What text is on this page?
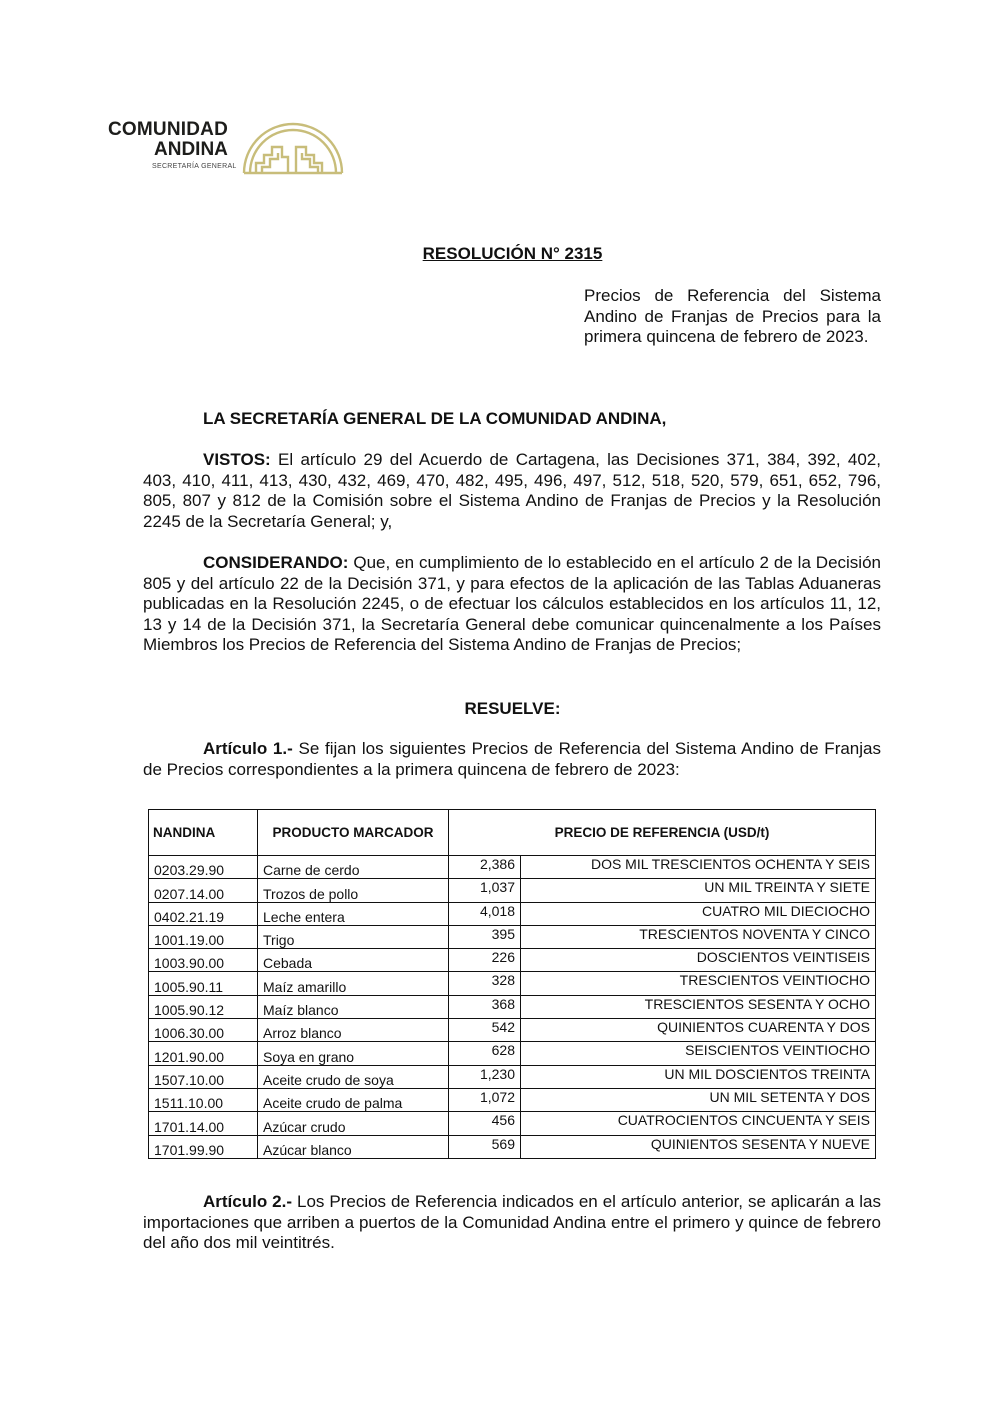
COMUNIDAD
ANDINA
SECRETARÍA GENERAL
RESOLUCIÓN N° 2315
Precios de Referencia del Sistema Andino de Franjas de Precios para la primera quincena de febrero de 2023.
LA SECRETARÍA GENERAL DE LA COMUNIDAD ANDINA,
VISTOS: El artículo 29 del Acuerdo de Cartagena, las Decisiones 371, 384, 392, 402, 403, 410, 411, 413, 430, 432, 469, 470, 482, 495, 496, 497, 512, 518, 520, 579, 651, 652, 796, 805, 807 y 812 de la Comisión sobre el Sistema Andino de Franjas de Precios y la Resolución 2245 de la Secretaría General; y,
CONSIDERANDO: Que, en cumplimiento de lo establecido en el artículo 2 de la Decisión 805 y del artículo 22 de la Decisión 371, y para efectos de la aplicación de las Tablas Aduaneras publicadas en la Resolución 2245, o de efectuar los cálculos establecidos en los artículos 11, 12, 13 y 14 de la Decisión 371, la Secretaría General debe comunicar quincenalmente a los Países Miembros los Precios de Referencia del Sistema Andino de Franjas de Precios;
RESUELVE:
Artículo 1.- Se fijan los siguientes Precios de Referencia del Sistema Andino de Franjas de Precios correspondientes a la primera quincena de febrero de 2023:
NANDINA	PRODUCTO MARCADOR	PRECIO DE REFERENCIA (USD/t)	
0203.29.90	Carne de cerdo	2,386	DOS MIL TRESCIENTOS OCHENTA Y SEIS
0207.14.00	Trozos de pollo	1,037	UN MIL TREINTA Y SIETE
0402.21.19	Leche entera	4,018	CUATRO MIL DIECIOCHO
1001.19.00	Trigo	395	TRESCIENTOS NOVENTA Y CINCO
1003.90.00	Cebada	226	DOSCIENTOS VEINTISEIS
1005.90.11	Maíz amarillo	328	TRESCIENTOS VEINTIOCHO
1005.90.12	Maíz blanco	368	TRESCIENTOS SESENTA Y OCHO
1006.30.00	Arroz blanco	542	QUINIENTOS CUARENTA Y DOS
1201.90.00	Soya en grano	628	SEISCIENTOS VEINTIOCHO
1507.10.00	Aceite crudo de soya	1,230	UN MIL DOSCIENTOS TREINTA
1511.10.00	Aceite crudo de palma	1,072	UN MIL SETENTA Y DOS
1701.14.00	Azúcar crudo	456	CUATROCIENTOS CINCUENTA Y SEIS
1701.99.90	Azúcar blanco	569	QUINIENTOS SESENTA Y NUEVE
Artículo 2.- Los Precios de Referencia indicados en el artículo anterior, se aplicarán a las importaciones que arriben a puertos de la Comunidad Andina entre el primero y quince de febrero del año dos mil veintitrés.
